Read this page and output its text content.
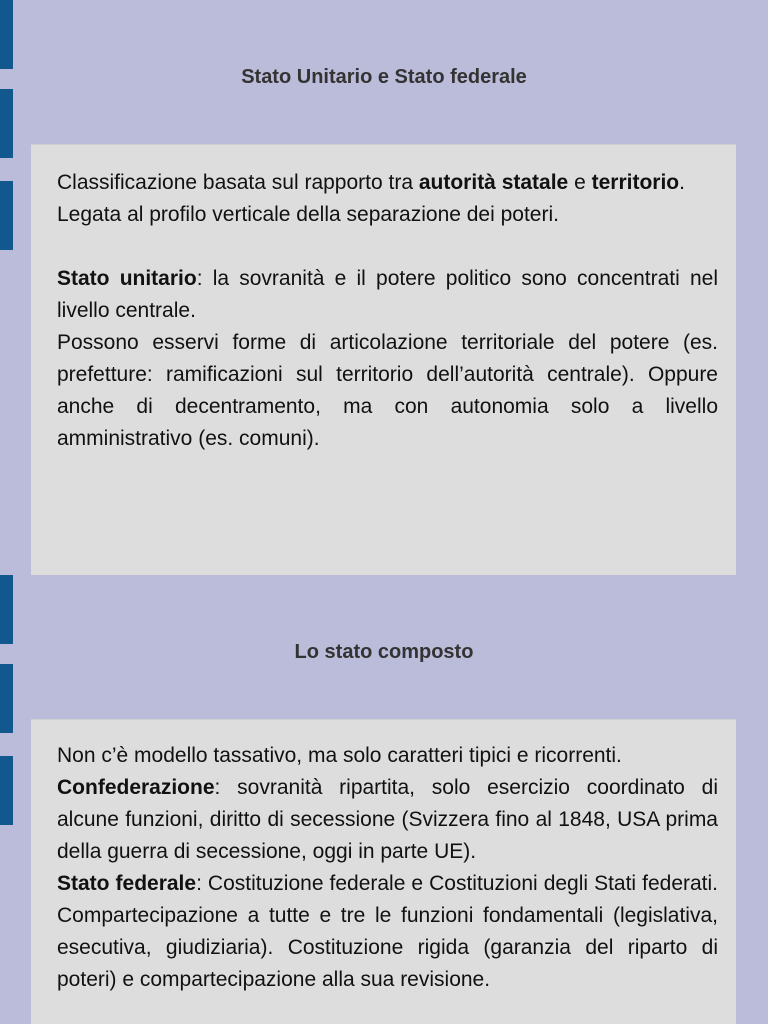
Stato Unitario e Stato federale

Classificazione basata sul rapporto tra autorità statale e territorio.

Legata al profilo verticale della separazione dei poteri.

Stato unitario: la sovranità e il potere politico sono concentrati nel livello centrale.

Possono esservi forme di articolazione territoriale del potere (es. prefetture: ramificazioni sul territorio dell’autorità centrale). Oppure anche di decentramento, ma con autonomia solo a livello amministrativo (es. comuni).

Lo stato composto

Non c’è modello tassativo, ma solo caratteri tipici e ricorrenti.

Confederazione: sovranità ripartita, solo esercizio coordinato di alcune funzioni, diritto di secessione (Svizzera fino al 1848, USA prima della guerra di secessione, oggi in parte UE).

Stato federale: Costituzione federale e Costituzioni degli Stati federati. Compartecipazione a tutte e tre le funzioni fondamentali (legislativa, esecutiva, giudiziaria). Costituzione rigida (garanzia del riparto di poteri) e compartecipazione alla sua revisione.
